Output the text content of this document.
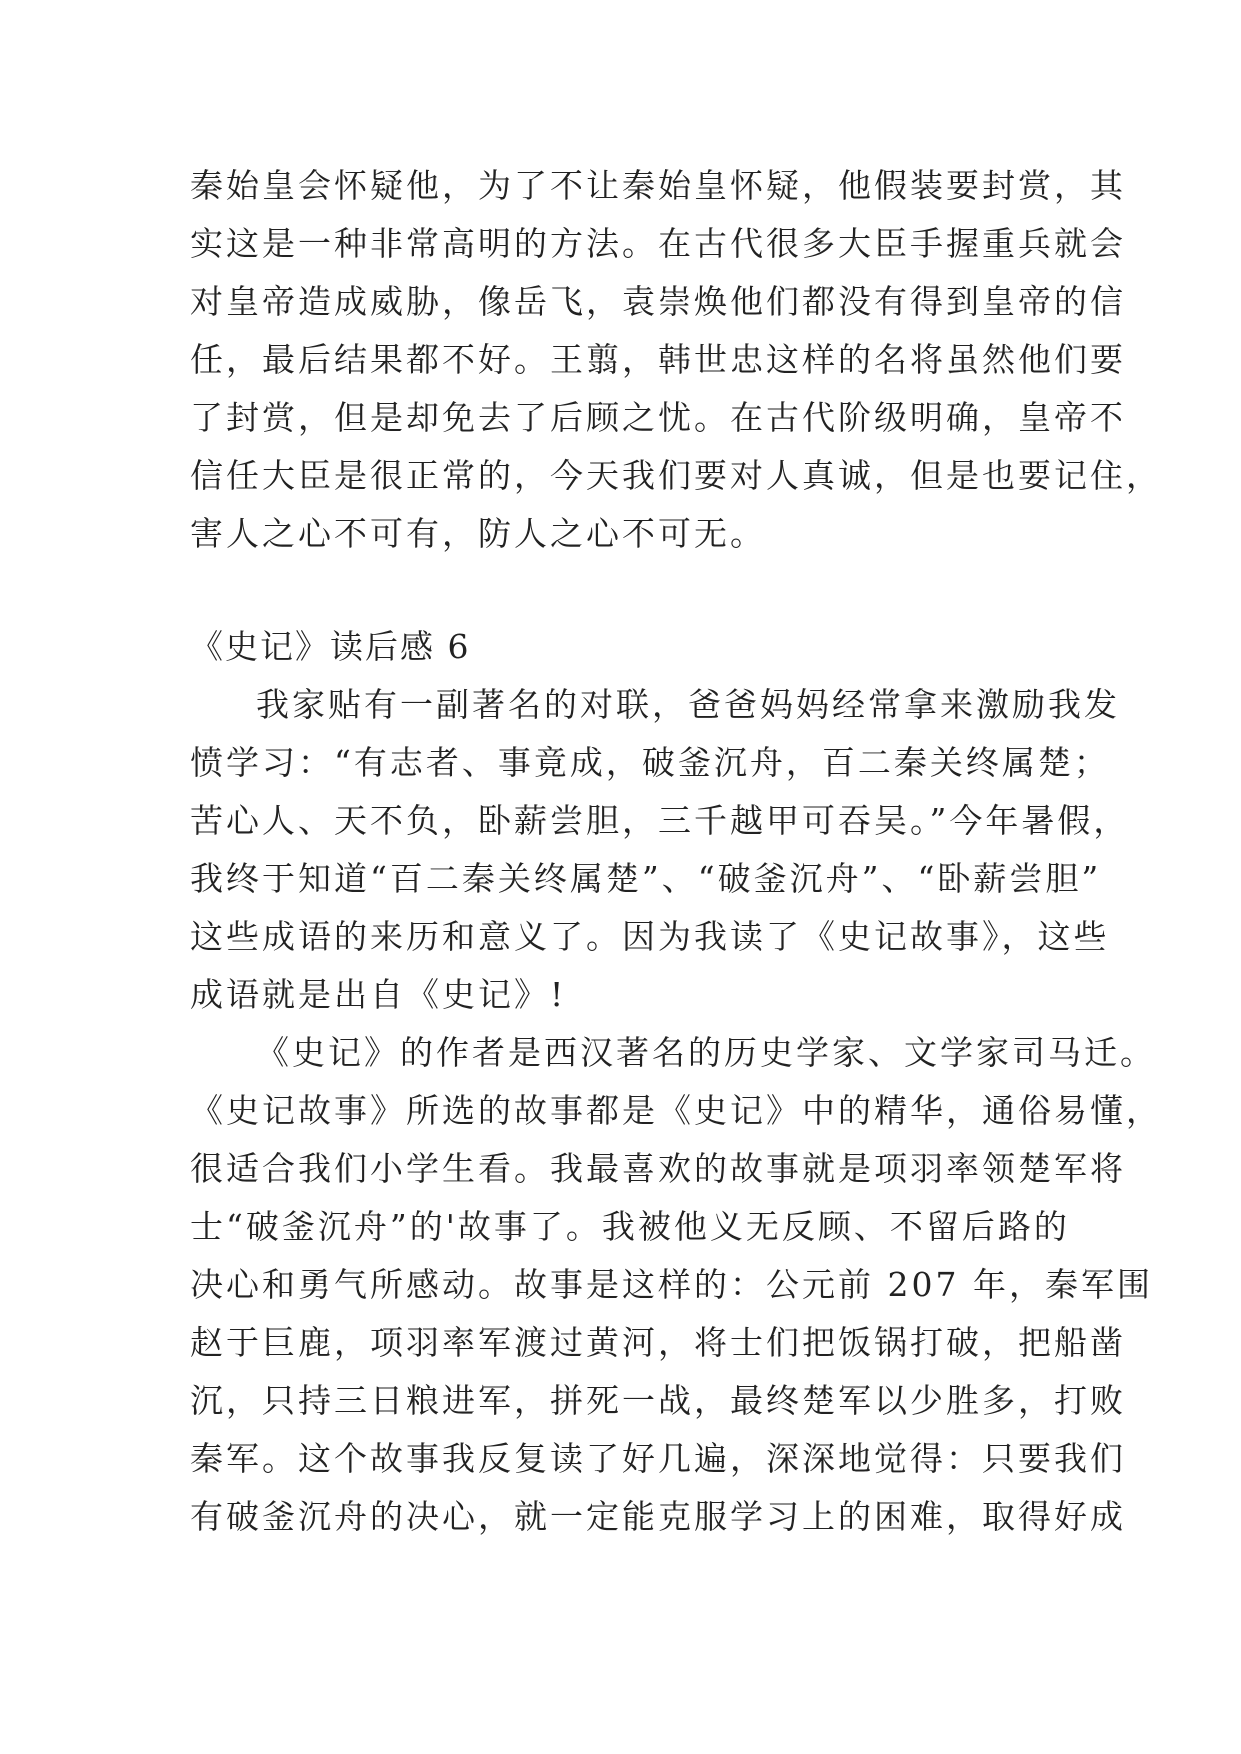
秦始皇会怀疑他，为了不让秦始皇怀疑，他假装要封赏，其
实这是一种非常高明的方法。在古代很多大臣手握重兵就会
对皇帝造成威胁，像岳飞，袁崇焕他们都没有得到皇帝的信
任，最后结果都不好。王翦，韩世忠这样的名将虽然他们要
了封赏，但是却免去了后顾之忧。在古代阶级明确，皇帝不
信任大臣是很正常的，今天我们要对人真诚，但是也要记住，
害人之心不可有，防人之心不可无。
《史记》读后感 6
我家贴有一副著名的对联，爸爸妈妈经常拿来激励我发
愤学习：“有志者、事竟成，破釜沉舟，百二秦关终属楚；
苦心人、天不负，卧薪尝胆，三千越甲可吞吴。”今年暑假，
我终于知道“百二秦关终属楚”、“破釜沉舟”、“卧薪尝胆”
这些成语的来历和意义了。因为我读了《史记故事》，这些
成语就是出自《史记》!
《史记》的作者是西汉著名的历史学家、文学家司马迁。
《史记故事》所选的故事都是《史记》中的精华，通俗易懂，
很适合我们小学生看。我最喜欢的故事就是项羽率领楚军将
士“破釜沉舟”的'故事了。我被他义无反顾、不留后路的
决心和勇气所感动。故事是这样的：公元前 207 年，秦军围
赵于巨鹿，项羽率军渡过黄河，将士们把饭锅打破，把船凿
沉，只持三日粮进军，拼死一战，最终楚军以少胜多，打败
秦军。这个故事我反复读了好几遍，深深地觉得：只要我们
有破釜沉舟的决心，就一定能克服学习上的困难，取得好成
